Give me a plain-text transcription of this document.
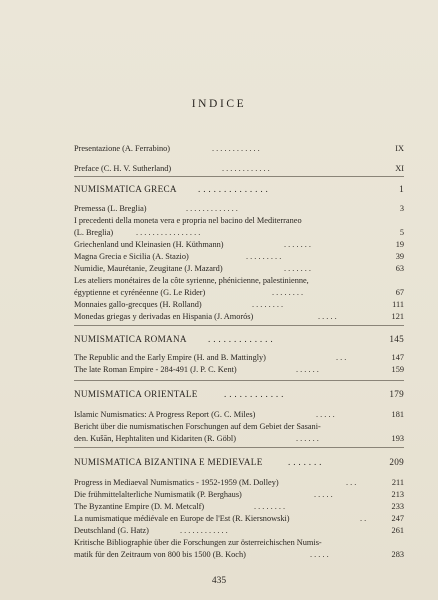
INDICE
Presentazione (A. Ferrabino)	. . . . . . . . . . . .	IX
Preface (C. H. V. Sutherland)	. . . . . . . . . . . .	XI
NUMISMATICA GRECA . . . . . . . . . . . . . .	1
Premessa (L. Breglia)	. . . . . . . . . . . . .	3
I precedenti della moneta vera e propria nel bacino del Mediterraneo
(L. Breglia)	. . . . . . . . . . . . . . . .	5
Griechenland und Kleinasien (H. Küthmann)	. . . . . . .	19
Magna Grecia e Sicilia (A. Stazio)	. . . . . . . . .	39
Numidie, Maurétanie, Zeugitane (J. Mazard)	. . . . . . .	63
Les ateliers monétaires de la côte syrienne, phénicienne, palestinienne,
égyptienne et cyrénéenne (G. Le Rider)	. . . . . . . .	67
Monnaies gallo-grecques (H. Rolland)	. . . . . . . .	111
Monedas griegas y derivadas en Hispania (J. Amorós)	. . . . .	121
NUMISMATICA ROMANA . . . . . . . . . . . . .	145
The Republic and the Early Empire (H. and B. Mattingly)	. . .	147
The late Roman Empire - 284-491 (J. P. C. Kent)	. . . . . .	159
NUMISMATICA ORIENTALE	. . . . . . . . . . . .	179
Islamic Numismatics: A Progress Report (G. C. Miles)	. . . . .	181
Bericht über die numismatischen Forschungen auf dem Gebiet der Sasani-
den. Kušān, Hephtaliten und Kidariten (R. Göbl)	. . . . . .	193
NUMISMATICA BIZANTINA E MEDIEVALE	. . . . . . .	209
Progress in Mediaeval Numismatics - 1952-1959 (M. Dolley)	. . .	211
Die frühmittelalterliche Numismatik (P. Berghaus)	. . . . .	213
The Byzantine Empire (D. M. Metcalf)	. . . . . . . .	233
La numismatique médiévale en Europe de l'Est (R. Kiersnowski)	. .	247
Deutschland (G. Hatz)	. . . . . . . . . . . .	261
Kritische Bibliographie über die Forschungen zur österreichischen Numis-
matik für den Zeitraum von 800 bis 1500 (B. Koch)	. . . . .	283
435
